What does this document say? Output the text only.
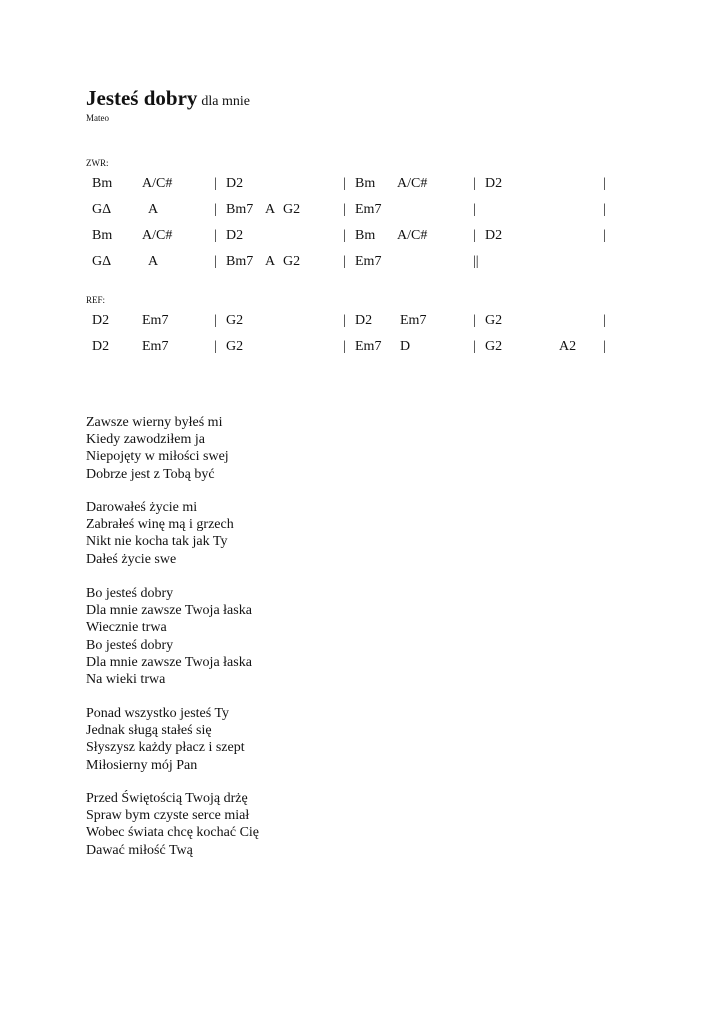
Jesteś dobry dla mnie
Mateo
ZWR:
Bm A/C#	| D2	| Bm A/C#	| D2	|
GΔ	A	| Bm7 A G2	| Em7	|	|
Bm A/C#	| D2	| Bm A/C#	| D2	|
GΔ	A	| Bm7 A G2	| Em7	||
REF:
D2 Em7	| G2	| D2 Em7	| G2	|
D2 Em7	| G2	| Em7 D	| G2	A2 |
Zawsze wierny byłeś mi
Kiedy zawodziłem ja
Niepojęty w miłości swej
Dobrze jest z Tobą być
Darowałeś życie mi
Zabrałeś winę mą i grzech
Nikt nie kocha tak jak Ty
Dałeś życie swe
Bo jesteś dobry
Dla mnie zawsze Twoja łaska
Wiecznie trwa
Bo jesteś dobry
Dla mnie zawsze Twoja łaska
Na wieki trwa
Ponad wszystko jesteś Ty
Jednak sługą stałeś się
Słyszysz każdy płacz i szept
Miłosierny mój Pan
Przed Świętością Twoją drżę
Spraw bym czyste serce miał
Wobec świata chcę kochać Cię
Dawać miłość Twą
